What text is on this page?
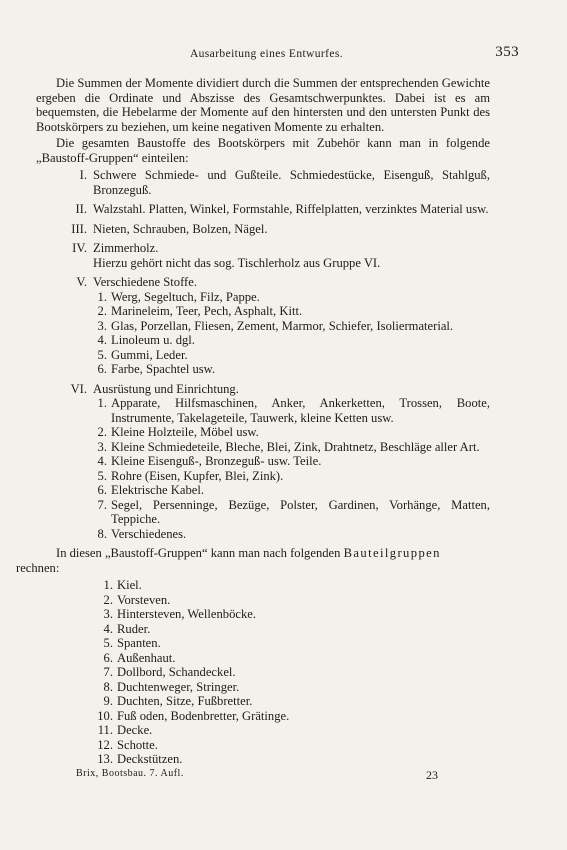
Ausarbeitung eines Entwurfes.	353

Die Summen der Momente dividiert durch die Summen der entsprechenden Gewichte ergeben die Ordinate und Abszisse des Gesamtschwerpunktes. Dabei ist es am bequemsten, die Hebelarme der Momente auf den hintersten und den untersten Punkt des Bootskörpers zu beziehen, um keine negativen Momente zu erhalten.

Die gesamten Baustoffe des Bootskörpers mit Zubehör kann man in folgende „Baustoff-Gruppen“ einteilen:

I. Schwere Schmiede- und Gußteile. Schmiedestücke, Eisenguß, Stahlguß, Bronzeguß.
II. Walzstahl. Platten, Winkel, Formstahle, Riffelplatten, verzinktes Material usw.
III. Nieten, Schrauben, Bolzen, Nägel.
IV. Zimmerholz.
Hierzu gehört nicht das sog. Tischlerholz aus Gruppe VI.
V. Verschiedene Stoffe.
1. Werg, Segeltuch, Filz, Pappe.
2. Marineleim, Teer, Pech, Asphalt, Kitt.
3. Glas, Porzellan, Fliesen, Zement, Marmor, Schiefer, Isoliermaterial.
4. Linoleum u. dgl.
5. Gummi, Leder.
6. Farbe, Spachtel usw.
VI. Ausrüstung und Einrichtung.
1. Apparate, Hilfsmaschinen, Anker, Ankerketten, Trossen, Boote, Instrumente, Takelageteile, Tauwerk, kleine Ketten usw.
2. Kleine Holzteile, Möbel usw.
3. Kleine Schmiedeteile, Bleche, Blei, Zink, Drahtnetz, Beschläge aller Art.
4. Kleine Eisenguß-, Bronzeguß- usw. Teile.
5. Rohre (Eisen, Kupfer, Blei, Zink).
6. Elektrische Kabel.
7. Segel, Persenninge, Bezüge, Polster, Gardinen, Vorhänge, Matten, Teppiche.
8. Verschiedenes.

In diesen „Baustoff-Gruppen“ kann man nach folgenden Bauteilgruppen
rechnen:

1. Kiel.
2. Vorsteven.
3. Hintersteven, Wellenböcke.
4. Ruder.
5. Spanten.
6. Außenhaut.
7. Dollbord, Schandeckel.
8. Duchtenweger, Stringer.
9. Duchten, Sitze, Fußbretter.
10. Fuß oden, Bodenbretter, Grätinge.
11. Decke.
12. Schotte.
13. Deckstützen.
Brix, Bootsbau. 7. Aufl.	23
